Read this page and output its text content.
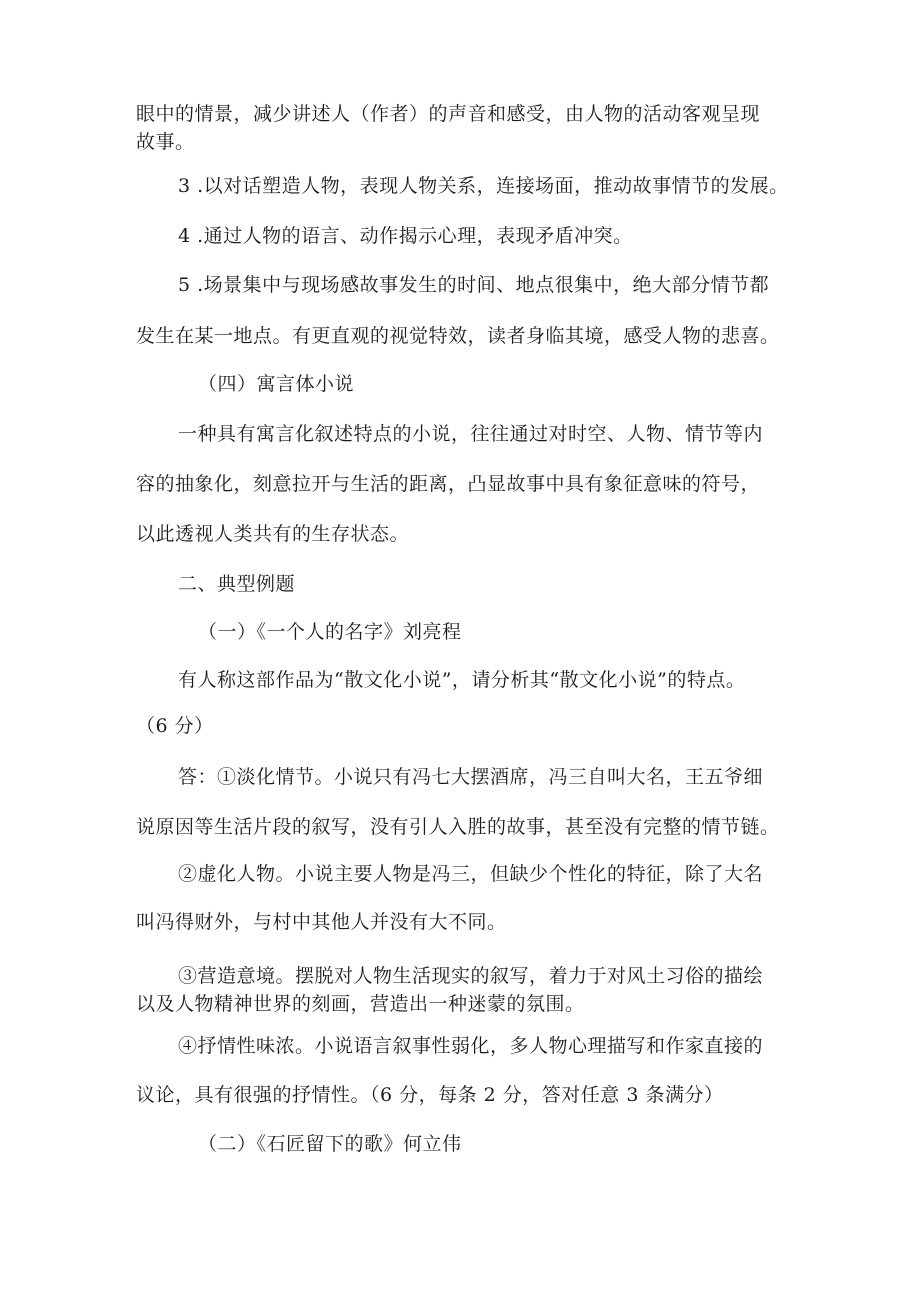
眼中的情景，减少讲述人（作者）的声音和感受，由人物的活动客观呈现
故事。
3 .以对话塑造人物，表现人物关系，连接场面，推动故事情节的发展。
4 .通过人物的语言、动作揭示心理，表现矛盾冲突。
5 .场景集中与现场感故事发生的时间、地点很集中，绝大部分情节都
发生在某一地点。有更直观的视觉特效，读者身临其境，感受人物的悲喜。
（四）寓言体小说
一种具有寓言化叙述特点的小说，往往通过对时空、人物、情节等内
容的抽象化，刻意拉开与生活的距离，凸显故事中具有象征意味的符号，
以此透视人类共有的生存状态。
二、典型例题
（一）《一个人的名字》刘亮程
有人称这部作品为“散文化小说”，请分析其“散文化小说”的特点。
（6 分）
答：①淡化情节。小说只有冯七大摆酒席，冯三自叫大名，王五爷细
说原因等生活片段的叙写，没有引人入胜的故事，甚至没有完整的情节链。
②虚化人物。小说主要人物是冯三，但缺少个性化的特征，除了大名
叫冯得财外，与村中其他人并没有大不同。
③营造意境。摆脱对人物生活现实的叙写，着力于对风土习俗的描绘
以及人物精神世界的刻画，营造出一种迷蒙的氛围。
④抒情性味浓。小说语言叙事性弱化，多人物心理描写和作家直接的
议论，具有很强的抒情性。（6 分，每条 2 分，答对任意 3 条满分）
（二）《石匠留下的歌》何立伟
